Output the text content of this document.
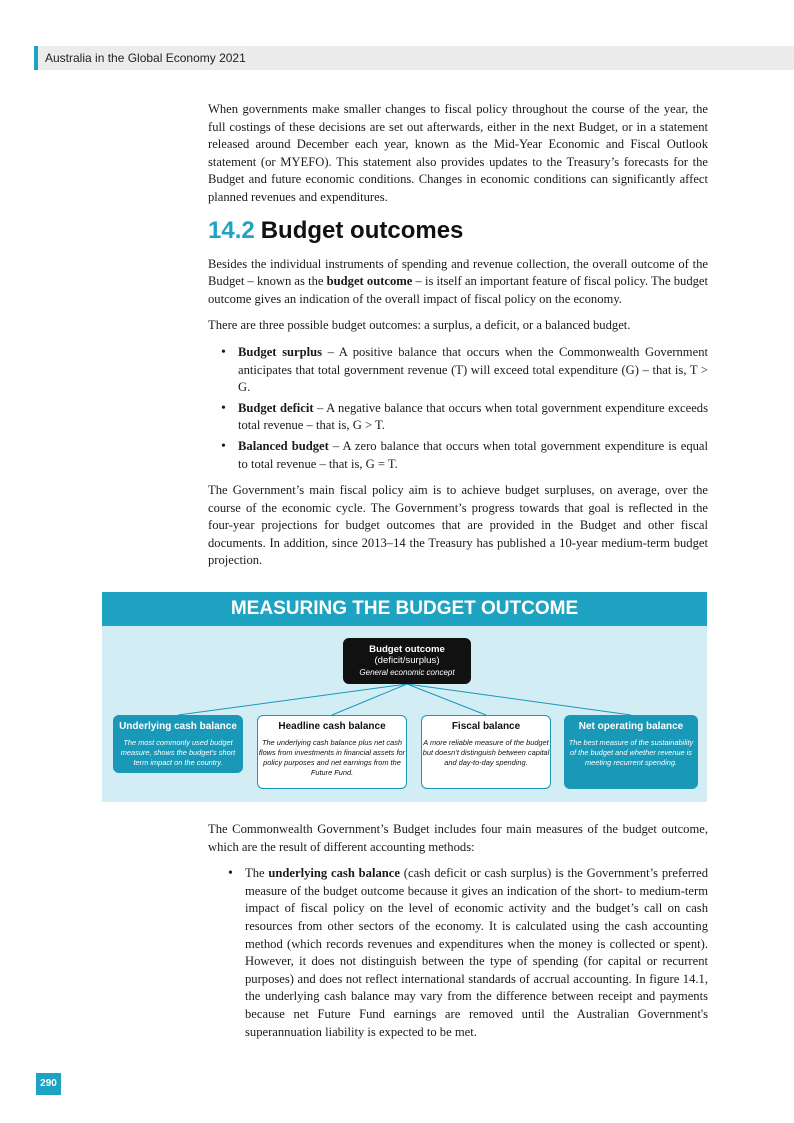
Australia in the Global Economy 2021

When governments make smaller changes to fiscal policy throughout the course of the year, the full costings of these decisions are set out afterwards, either in the next Budget, or in a statement released around December each year, known as the Mid-Year Economic and Fiscal Outlook statement (or MYEFO). This statement also provides updates to the Treasury’s forecasts for the Budget and future economic conditions. Changes in economic conditions can significantly affect planned revenues and expenditures.

14.2 Budget outcomes

Besides the individual instruments of spending and revenue collection, the overall outcome of the Budget – known as the budget outcome – is itself an important feature of fiscal policy. The budget outcome gives an indication of the overall impact of fiscal policy on the economy.

There are three possible budget outcomes: a surplus, a deficit, or a balanced budget.

• Budget surplus – A positive balance that occurs when the Commonwealth Government anticipates that total government revenue (T) will exceed total expenditure (G) – that is, T > G.
• Budget deficit – A negative balance that occurs when total government expenditure exceeds total revenue – that is, G > T.
• Balanced budget – A zero balance that occurs when total government expenditure is equal to total revenue – that is, G = T.

The Government’s main fiscal policy aim is to achieve budget surpluses, on average, over the course of the economic cycle. The Government’s progress towards that goal is reflected in the four-year projections for budget outcomes that are provided in the Budget and other fiscal documents. In addition, since 2013–14 the Treasury has published a 10-year medium-term budget projection.

MEASURING THE BUDGET OUTCOME
Budget outcome
(deficit/surplus)
General economic concept
Underlying cash balance
The most commonly used budget measure, shows the budget’s short term impact on the country.
Headline cash balance
The underlying cash balance plus net cash flows from investments in financial assets for policy purposes and net earnings from the Future Fund.
Fiscal balance
A more reliable measure of the budget but doesn’t distinguish between capital and day-to-day spending.
Net operating balance
The best measure of the sustainability of the budget and whether revenue is meeting recurrent spending.

The Commonwealth Government’s Budget includes four main measures of the budget outcome, which are the result of different accounting methods:

• The underlying cash balance (cash deficit or cash surplus) is the Government’s preferred measure of the budget outcome because it gives an indication of the short- to medium-term impact of fiscal policy on the level of economic activity and the budget’s call on cash resources from other sectors of the economy. It is calculated using the cash accounting method (which records revenues and expenditures when the money is collected or spent). However, it does not distinguish between the type of spending (for capital or recurrent purposes) and does not reflect international standards of accrual accounting. In figure 14.1, the underlying cash balance may vary from the difference between receipt and payments because net Future Fund earnings are removed until the Australian Government's superannuation liability is expected to be met.
290
